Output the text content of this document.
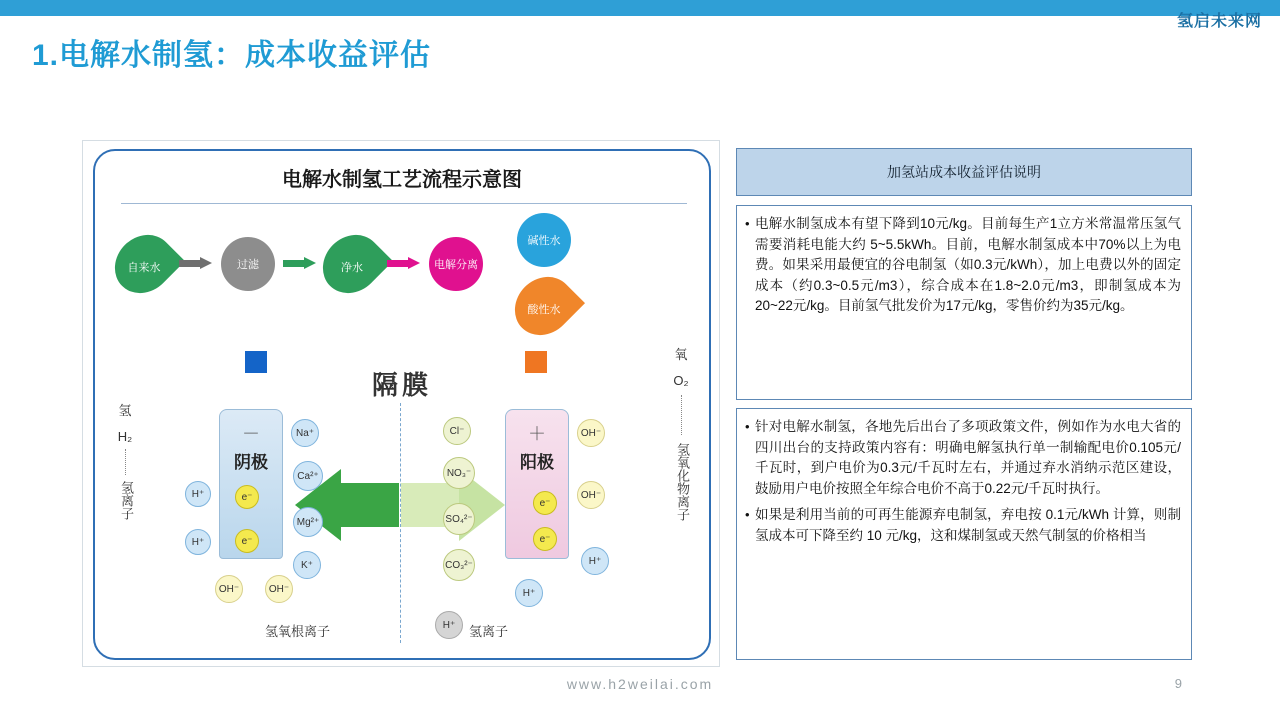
氢启未来网
1.电解水制氢：成本收益评估
电解水制氢工艺流程示意图
自来水	过滤	净水	电解分离
碱性水
酸性水
隔膜
氢
H₂
氢离子
氧
O₂
氢氧化物离子
－
阴极
＋
阳极
Na⁺
Ca²⁺
Mg²⁺
K⁺
H⁺
H⁺
e⁻
e⁻
OH⁻	OH⁻
Cl⁻
NO₃⁻
SO₄²⁻
CO₃²⁻
OH⁻
OH⁻
e⁻
e⁻
H⁺
H⁺
氢氧根离子	H⁺	氢离子
加氢站成本收益评估说明
• 电解水制氢成本有望下降到10元/kg。目前每生产1立方米常温常压氢气需要消耗电能大约 5~5.5kWh。目前，电解水制氢成本中70%以上为电费。如果采用最便宜的谷电制氢（如0.3元/kWh），加上电费以外的固定成本（约0.3~0.5元/m3），综合成本在1.8~2.0元/m3，即制氢成本为20~22元/kg。目前氢气批发价为17元/kg，零售价约为35元/kg。
• 针对电解水制氢，各地先后出台了多项政策文件，例如作为水电大省的四川出台的支持政策内容有：明确电解氢执行单一制输配电价0.105元/千瓦时，到户电价为0.3元/千瓦时左右，并通过弃水消纳示范区建设，鼓励用户电价按照全年综合电价不高于0.22元/千瓦时执行。
• 如果是利用当前的可再生能源弃电制氢，弃电按 0.1元/kWh 计算，则制氢成本可下降至约 10 元/kg，这和煤制氢或天然气制氢的价格相当
www.h2weilai.com	9
